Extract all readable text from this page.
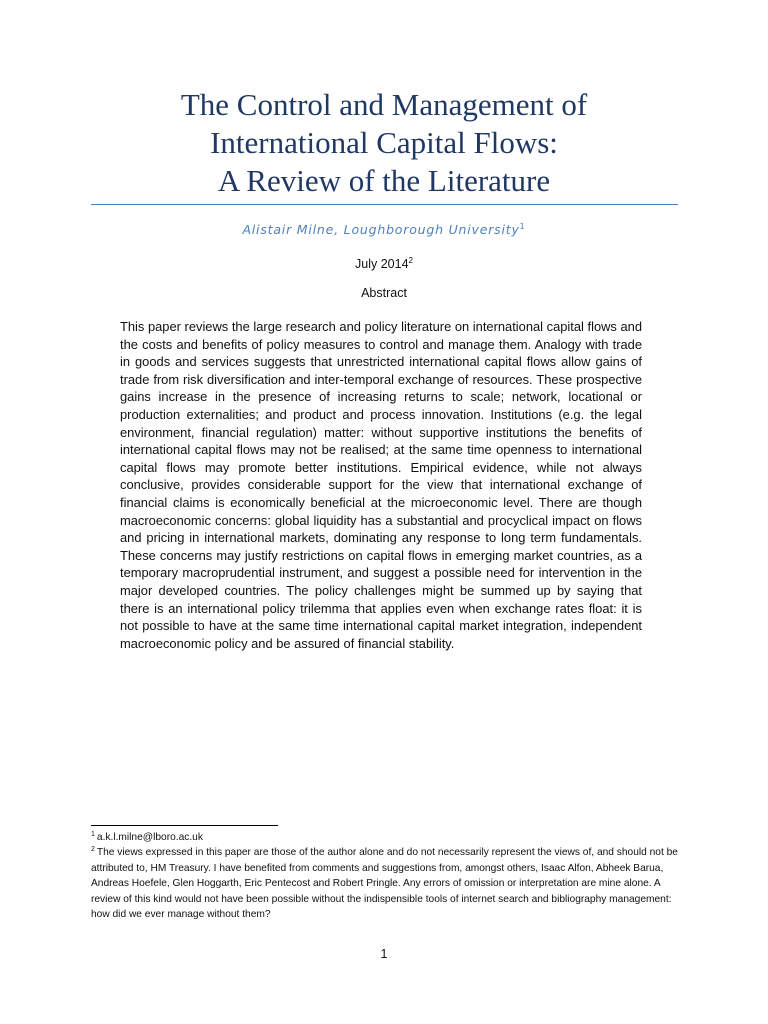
The Control and Management of
International Capital Flows:
A Review of the Literature
Alistair Milne, Loughborough University$^1$
July 2014$^2$
Abstract

This paper reviews the large research and policy literature on international capital flows and the costs and benefits of policy measures to control and manage them. Analogy with trade in goods and services suggests that unrestricted international capital flows allow gains of trade from risk diversification and inter-temporal exchange of resources. These prospective gains increase in the presence of increasing returns to scale; network, locational or production externalities; and product and process innovation. Institutions (e.g. the legal environment, financial regulation) matter: without supportive institutions the benefits of international capital flows may not be realised; at the same time openness to international capital flows may promote better institutions. Empirical evidence, while not always conclusive, provides considerable support for the view that international exchange of financial claims is economically beneficial at the microeconomic level. There are though macroeconomic concerns: global liquidity has a substantial and procyclical impact on flows and pricing in international markets, dominating any response to long term fundamentals. These concerns may justify restrictions on capital flows in emerging market countries, as a temporary macroprudential instrument, and suggest a possible need for intervention in the major developed countries. The policy challenges might be summed up by saying that there is an international policy trilemma that applies even when exchange rates float: it is not possible to have at the same time international capital market integration, independent macroeconomic policy and be assured of financial stability.

$^1$ a.k.l.milne@lboro.ac.uk

$^2$ The views expressed in this paper are those of the author alone and do not necessarily represent the views of, and should not be attributed to, HM Treasury. I have benefited from comments and suggestions from, amongst others, Isaac Alfon, Abheek Barua, Andreas Hoefele, Glen Hoggarth, Eric Pentecost and Robert Pringle. Any errors of omission or interpretation are mine alone. A review of this kind would not have been possible without the indispensible tools of internet search and bibliography management: how did we ever manage without them?

1
